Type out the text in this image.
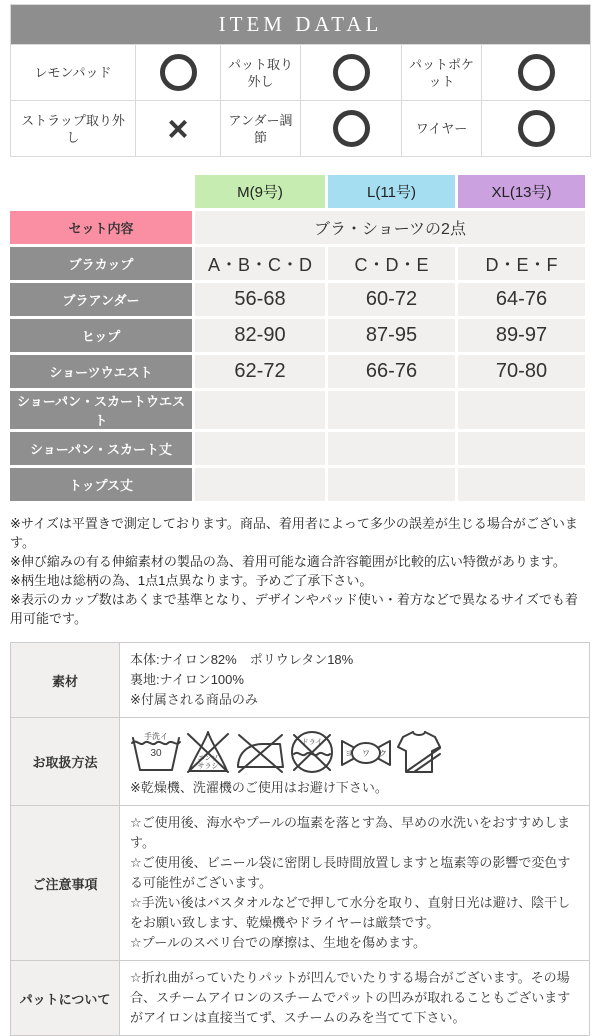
ITEM DATAL					
レモンパッド		パット取り外し		パットポケット	

ストラップ取り外し	×	アンダー調節		ワイヤー	
	M(9号)	L(11号)	XL(13号)
セット内容	ブラ・ショーツの2点		
ブラカップ	A・B・C・D	C・D・E	D・E・F
ブラアンダー	56-68	60-72	64-76
ヒップ	82-90	87-95	89-97
ショーツウエスト	62-72	66-76	70-80
ショーパン・スカートウエスト			
ショーパン・スカート丈			
トップス丈			
※サイズは平置きで測定しております。商品、着用者によって多少の誤差が生じる場合がございます。
※伸び縮みの有る伸縮素材の製品の為、着用可能な適合許容範囲が比較的広い特徴があります。
※柄生地は総柄の為、1点1点異なります。予めご了承下さい。
※表示のカップ数はあくまで基準となり、デザインやパッド使い・着方などで異なるサイズでも着用可能です。
素材	本体:ナイロン82%　ポリウレタン18%
裏地:ナイロン100%
※付属される商品のみ

お取扱方法	
手洗イ
30	エンソ
サラシ
ドライ
ヨ ワ ク
※乾燥機、洗濯機のご使用はお避け下さい。

ご注意事項	☆ご使用後、海水やプールの塩素を落とす為、早めの水洗いをおすすめします。

☆ご使用後、ビニール袋に密閉し長時間放置しますと塩素等の影響で変色する可能性がございます。

☆手洗い後はバスタオルなどで押して水分を取り、直射日光は避け、陰干しをお願い致します、乾燥機やドライヤーは厳禁です。

☆プールのスベリ台での摩擦は、生地を傷めます。

パットについて	☆折れ曲がっていたりパットが凹んでいたりする場合がございます。その場合、スチームアイロンのスチームでパットの凹みが取れることもございますがアイロンは直接当てず、スチームのみを当てて下さい。
